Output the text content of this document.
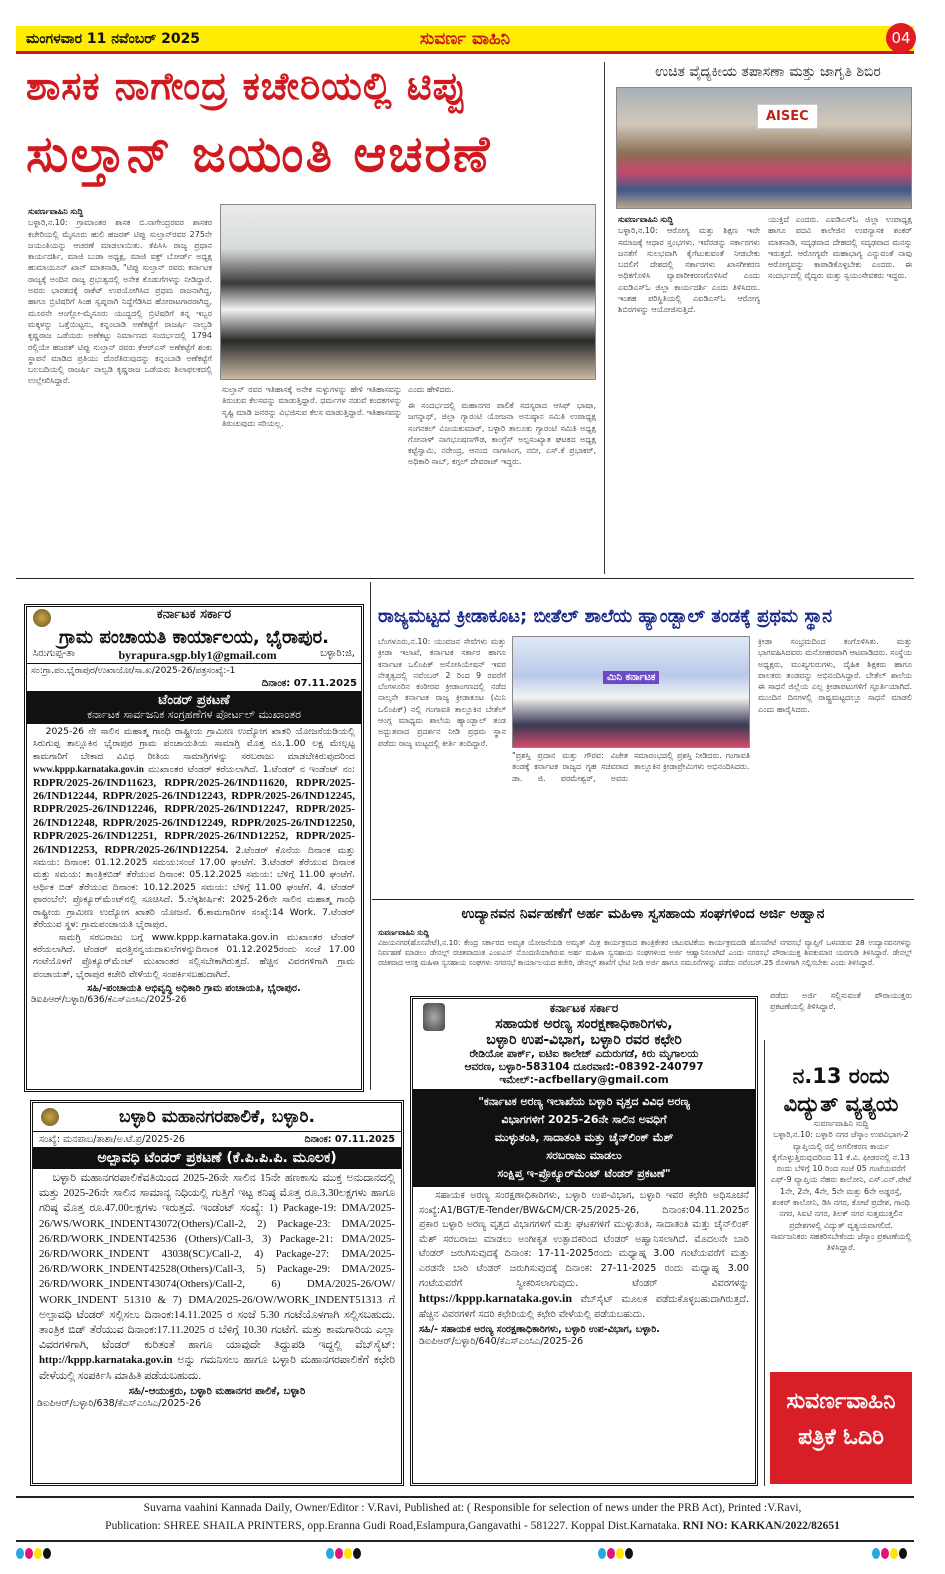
ಮಂಗಳವಾರ 11 ನವೆಂಬರ್ 2025	ಸುವರ್ಣ ವಾಹಿನಿ	04
ಶಾಸಕ ನಾಗೇಂದ್ರ ಕಚೇರಿಯಲ್ಲಿ ಟಿಪ್ಪು
ಸುಲ್ತಾನ್ ಜಯಂತಿ ಆಚರಣೆ
ಉಚಿತ ವೈದ್ಯಕೀಯ ತಪಾಸಣಾ ಮತ್ತು ಜಾಗೃತಿ ಶಿಬಿರ
AISEC
ಸುವರ್ಣವಾಹಿನಿ ಸುದ್ದಿ
ಬಳ್ಳಾರಿ,ನ.10: ಆರೋಗ್ಯ ಮತ್ತು ಶಿಕ್ಷಣ ಇವೇ ಸಮಾಜಕ್ಕೆ ಆಧಾರ ಸ್ತಂಭಗಳು. ಇವೆರಡನ್ನು ಸರ್ಕಾರಗಳು ಜನತೆಗೆ ಸುಲಭವಾಗಿ ಕೈಗೆಟುಕುವಂತೆ ನೀಡಬೇಕು ಬದಲಿಗೆ ದೇಶದಲ್ಲಿ ಸರ್ಕಾರಗಳು ಖಾಸಗೀಕರಣ ಅಧಿಕಗೊಳಿಸಿ ವ್ಯಾಪಾರೀಕರಣಗೊಳಿಸಿವೆ ಎಂದು ಎಐಡಿಎಸ್‌ಓ ಜಿಲ್ಲಾ ಕಾರ್ಯದರ್ಶಿ ಎಂದು ತಿಳಿಸಿದರು. ಇಂತಹ ಪರಿಸ್ಥಿತಿಯಲ್ಲಿ ಎಐಡಿಎಸ್‌ಓ ಆರೋಗ್ಯ ಶಿಬಿರಗಳನ್ನು ಆಯೋಜಿಸುತ್ತಿದೆ.
ಯುಕ್ತಿದೆ ಎಂದರು. ಎಐಡಿಎಸ್‌ಓ ಜಿಲ್ಲಾ ಉಪಾಧ್ಯಕ್ಷ ಹಾಗೂ ಪದವಿ ಕಾಲೇಜಿನ ಉಪನ್ಯಾಸಕ ಶಂಕರ್ ಮಾತನಾಡಿ, ಸದೃಢವಾದ ದೇಹದಲ್ಲಿ ಸದೃಢವಾದ ಮನಸ್ಸು ಇರುತ್ತದೆ. ಆರೋಗ್ಯವೇ ಮಹಾಭಾಗ್ಯ ಎನ್ನುವಂತೆ ನಾವು ಆರೋಗ್ಯವನ್ನು ಕಾಪಾಡಿಕೊಳ್ಳಬೇಕು ಎಂದರು. ಈ ಸಂದರ್ಭದಲ್ಲಿ ವೈದ್ಯರು ಮತ್ತು ಸ್ವಯಂಸೇವಕರು ಇದ್ದರು.
ಸುವರ್ಣವಾಹಿನಿ ಸುದ್ದಿ
ಬಳ್ಳಾರಿ,ನ.10: ಗ್ರಾಮಾಂತರ ಶಾಸಕ ಬಿ.ನಾಗೇಂದ್ರರವರ ಶಾಸಕರ ಕಚೇರಿಯಲ್ಲಿ ಮೈಸೂರು ಹುಲಿ ಹಜರತ್ ಟಿಪ್ಪು ಸುಲ್ತಾನ್‌ರವರ 275ನೇ ಜಯಂತಿಯನ್ನು ಆಚರಣೆ ಮಾಡಲಾಯಿತು. ಕೆಪಿಸಿಸಿ ರಾಜ್ಯ ಪ್ರಧಾನ ಕಾರ್ಯದರ್ಶಿ, ಮಾಜಿ ಬುಡಾ ಅಧ್ಯಕ್ಷ, ಮಾಜಿ ವಕ್ಫ್ ಬೋರ್ಡ್ ಅಧ್ಯಕ್ಷ ಹುಮಾಯೂನ್ ಖಾನ್ ಮಾತನಾಡಿ, "ಟಿಪ್ಪು ಸುಲ್ತಾನ್ ರವರು ಕರ್ನಾಟಕ ರಾಜ್ಯಕ್ಕೆ ಅಂದಿನ ರಾಜ್ಯ ಪ್ರಭುತ್ವದಲ್ಲಿ ಅನೇಕ ಕೊಡುಗೆಗಳನ್ನು ನೀಡಿದ್ದಾರೆ. ಅವರು ಭಾರತದಕ್ಕೆ ರಾಕೆಟ್ ಉಪಯೋಗಿಸಿದ ಪ್ರಥಮ ರಾಜನಾಗಿದ್ದ, ಹಾಗೂ ಬ್ರಿಟಿಷರಿಗೆ ಸಿಂಹ ಸ್ವಪ್ನರಾಗಿ ನಿದ್ದೆಗೆಡಿಸಿದ ಹೋರಾಟಗಾರರಾಗಿದ್ದ, ಮೂರನೇ ಆಂಗ್ಲೋ-ಮೈಸೂರು ಯುದ್ಧದಲ್ಲಿ ಬ್ರಿಟಿಷರಿಗೆ ತನ್ನ ಇಬ್ಬರ ಮಕ್ಕಳನ್ನು ಒತ್ತೆಯಿಟ್ಟನು, ಕನ್ನಂಬಾಡಿ ಅಣೆಕಟ್ಟೆಗೆ ರಾಜರ್ಷಿ ನಾಲ್ವಡಿ ಕೃಷ್ಣರಾಜ ಒಡೆಯರು ಅಣೆಕಟ್ಟು ನಿರ್ಮಾಣದ ಸಂದರ್ಭದಲ್ಲಿ 1794 ರಲ್ಲಿಯೇ ಹಜರತ್ ಟಿಪ್ಪು ಸುಲ್ತಾನ್ ರವರು ಕೆಆರ್‌ಎಸ್ ಅಣೆಕಟ್ಟೆಗೆ ಶಂಕು ಸ್ಥಾಪನೆ ಮಾಡಿದ ಪ್ರತಿಯು ದೊರೆತಿರುವುದನ್ನು ಕನ್ನಂಬಾಡಿ ಅಣೆಕಟ್ಟೆಗೆ ಬಲಬದಿಯಲ್ಲಿ ರಾಜರ್ಷಿ ನಾಲ್ವಡಿ ಕೃಷ್ಣರಾಜ ಒಡೆಯರು ಶಿಲಾಫಲಕದಲ್ಲಿ ಉಲ್ಲೇಖಿಸಿದ್ದಾರೆ.
ಸುಲ್ತಾನ್ ರವರ ಇತಿಹಾಸಕ್ಕೆ ಅನೇಕ ಸುಳ್ಳುಗಳನ್ನು ಹೇಳಿ ಇತಿಹಾಸವನ್ನು ತಿರುಚುವ ಕೆಲಸವನ್ನು ಮಾಡುತ್ತಿದ್ದಾರೆ. ಧರ್ಮಗಳ ನಡುವೆ ಕಂದಕಗಳನ್ನು ಸೃಷ್ಟಿ ಮಾಡಿ ಜನರನ್ನು ವಿಭಜಿಸುವ ಕೆಲಸ ಮಾಡುತ್ತಿದ್ದಾರೆ. ಇತಿಹಾಸವನ್ನು ತಿರುಚುವುದು ಸರಿಯಲ್ಲ.
ಎಂದು ಹೇಳಿದರು.
ಈ ಸಂದರ್ಭದಲ್ಲಿ ಮಹಾನಗರ ಪಾಲಿಕೆ ಸದಸ್ಯರಾದ ಆಸಿಫ್ ಭಾಷಾ, ಜಗನ್ನಾಥ್, ಜಿಲ್ಲಾ ಗ್ಯಾರಂಟಿ ಯೋಜನಾ ಅನುಷ್ಠಾನ ಸಮಿತಿ ಉಪಾಧ್ಯಕ್ಷ ಸಂಗನಕಲ್ ವಿಜಯಕುಮಾರ್, ಬಳ್ಳಾರಿ ತಾಲೂಕು ಗ್ಯಾರಂಟಿ ಸಮಿತಿ ಅಧ್ಯಕ್ಷ ಗೋನಾಳ್ ನಾಗಭೂಷಣಗೌಡ, ಕಾಂಗ್ರೆಸ್ ಅಲ್ಪಸಂಖ್ಯಾತ ಘಟಕದ ಅಧ್ಯಕ್ಷ ಕಟ್ಟೆಸ್ವಾಮಿ, ನರೇಂದ್ರ, ಆನಂದ ನಾಗಾಸಿಂಗ, ನಬೀ, ಎಸ್.ಕೆ ಪ್ರಭಾಕರ್, ಅಧಿಕಾರಿ ಸಾಬ್, ಕಗ್ಗಲ್ ದೇವರಾಜ್ ಇದ್ದರು.
ಕರ್ನಾಟಕ ಸರ್ಕಾರ
ಗ್ರಾಮ ಪಂಚಾಯತಿ ಕಾರ್ಯಾಲಯ, ಭೈರಾಪುರ.
ಸಿರುಗುಪ್ಪ-ತಾ	byrapura.sgp.bly1@gmail.com	ಬಳ್ಳಾರಿ:ಜಿ,
ಸಂ:ಗ್ರಾ.ಪಂ.ಭೈರಾಪುರ/ಉಖಾಯೋ/ಸಾ.ಖ/2025-26/ಪತ್ರಸಂಖ್ಯೆ:-1
ದಿನಾಂಕ: 07.11.2025
ಟೆಂಡರ್ ಪ್ರಕಟಣೆ
ಕರ್ನಾಟಕ ಸಾರ್ವಜನಿಕ ಸಂಗ್ರಹಣೆಗಳ ಪೋರ್ಟಲ್ ಮುಖಾಂತರ
2025-26 ನೇ ಸಾಲಿನ ಮಹಾತ್ಮ ಗಾಂಧಿ ರಾಷ್ಟ್ರೀಯ ಗ್ರಾಮೀಣ ಉದ್ಯೋಗ ಖಾತರಿ ಯೋಜನೆಯಡಿಯಲ್ಲಿ ಸಿರುಗುಪ್ಪ ತಾಲ್ಲೂಕಿನ ಭೈರಾಪುರ ಗ್ರಾಮ ಪಂಚಾಯತಿಯ ಸಾಮಾಗ್ರಿ ಮೊತ್ತ ರೂ.1.00 ಲಕ್ಷ ಮೇಲ್ಪಟ್ಟ ಕಾಮಗಾರಿಗೆ ಬೇಕಾದ ವಿವಿಧ ರೀತಿಯ ಸಾಮಾಗ್ರಿಗಳನ್ನು ಸರಬರಾಜು ಮಾಡಬೇಕಿರುವುದರಿಂದ www.kppp.karnataka.gov.in ಮುಖಾಂತರ ಟೆಂಡರ್ ಕರೆಯಲಾಗಿದೆ. 1.ಟೆಂಡರ್ ನ ಇಂಡೆಂಟ್ ನಂ: RDPR/2025-26/IND11623, RDPR/2025-26/IND11620, RDPR/2025-26/IND12244, RDPR/2025-26/IND12243, RDPR/2025-26/IND12245, RDPR/2025-26/IND12246, RDPR/2025-26/IND12247, RDPR/2025-26/IND12248, RDPR/2025-26/IND12249, RDPR/2025-26/IND12250, RDPR/2025-26/IND12251, RDPR/2025-26/IND12252, RDPR/2025-26/IND12253, RDPR/2025-26/IND12254. 2.ಟೆಂಡರ್ ಕೊನೆಯ ದಿನಾಂಕ ಮತ್ತು ಸಮಯ: ದಿನಾಂಕ: 01.12.2025 ಸಮಯ:ಸಂಜೆ 17.00 ಘಂಟೆಗೆ. 3.ಟೆಂಡರ್ ತೆರೆಯುವ ದಿನಾಂಕ ಮತ್ತು ಸಮಯ: ತಾಂತ್ರಿಕಬಿಡ್ ತೆರೆಯುವ ದಿನಾಂಕ: 05.12.2025 ಸಮಯ: ಬೆಳಿಗ್ಗೆ 11.00 ಘಂಟೆಗೆ. ಆರ್ಥಿಕ ಬಿಡ್ ತೆರೆಯುವ ದಿನಾಂಕ: 10.12.2025 ಸಮಯ: ಬೆಳಿಗ್ಗೆ 11.00 ಘಂಟೆಗೆ. 4. ಟೆಂಡರ್ ಫಾರಂಬೆಲೆ: ಪ್ರೊಕ್ಯೂರ್‌ಮೆಂಟ್‌ನಲ್ಲಿ ಸೂಚಿಸಿದೆ. 5.ಲೆಕ್ಕಶೀರ್ಷಿಕೆ: 2025-26ನೇ ಸಾಲಿನ ಮಹಾತ್ಮ ಗಾಂಧಿ ರಾಷ್ಟ್ರೀಯ ಗ್ರಾಮೀಣ ಉದ್ಯೋಗ ಖಾತರಿ ಯೋಜನೆ. 6.ಕಾಮಗಾರಿಗಳ ಸಂಖ್ಯೆ:14 Work. 7.ಟೆಂಡರ್ ತೆರೆಯುವ ಸ್ಥಳ: ಗ್ರಾಮಪಂಚಾಯತಿ ಭೈರಾಪುರ.
ಸಾಮಗ್ರಿ ಸರಬರಾಜು ಬಗ್ಗೆ www.kppp.karnataka.gov.in ಮುಖಾಂತರ ಟೆಂಡರ್ ಕರೆಯಲಾಗಿದೆ. ಟೆಂಡರ್ ಷರತ್ತಿನನ್ವಯದಾಖಲೆಗಳನ್ನುದಿನಾಂಕ 01.12.2025ರಂದು ಸಂಜೆ 17.00 ಗಂಟೆಯೊಳಗೆ ಪ್ರೊಕ್ಯೂರ್‌ಮೆಂಟ್ ಮುಖಾಂತರ ಸಲ್ಲಿಸಬೇಕಾಗಿರುತ್ತದೆ. ಹೆಚ್ಚಿನ ವಿವರಗಳಿಗಾಗಿ ಗ್ರಾಮ ಪಂಚಾಯತ್, ಭೈರಾಪುರ ಕಚೇರಿ ವೇಳೆಯಲ್ಲಿ ಸಂಪರ್ಕಿಸಬಹುದಾಗಿದೆ.
ಸಹಿ/-ಪಂಚಾಯತಿ ಅಭಿವೃದ್ಧಿ ಅಧಿಕಾರಿ ಗ್ರಾಮ ಪಂಚಾಯತಿ, ಭೈರಾಪುರ.
ಡಿಐಪಿಆರ್/ಬಳ್ಳಾರಿ/636/ಕೆಎಸ್‌ಎಂಸಿಎ/2025-26
ರಾಜ್ಯಮಟ್ಟದ ಕ್ರೀಡಾಕೂಟ; ಬೀತೆಲ್ ಶಾಲೆಯ ಹ್ಯಾಂಡ್ಬಾಲ್ ತಂಡಕ್ಕೆ ಪ್ರಥಮ ಸ್ಥಾನ
ಬೆಂಗಳೂರು,ನ.10: ಯುವಜನ ಸೇವೆಗಳು ಮತ್ತು ಕ್ರೀಡಾ ಇಲಾಖೆ, ಕರ್ನಾಟಕ ಸರ್ಕಾರ ಹಾಗೂ ಕರ್ನಾಟಕ ಒಲಿಂಪಿಕ್ ಅಸೋಸಿಯೇಷನ್ ಇವರ ನೇತೃತ್ವದಲ್ಲಿ ನವೆಂಬರ್ 2 ರಿಂದ 9 ರವರೆಗೆ ಬೆಂಗಳೂರಿನ ಕಂಠೀರವ ಕ್ರೀಡಾಂಗಣದಲ್ಲಿ ನಡೆದ ನಾಲ್ಕನೇ ಕರ್ನಾಟಕ ರಾಜ್ಯ ಕ್ರೀಡಾಕೂಟ (ಮಿನಿ ಒಲಿಂಪಿಕ್) ನಲ್ಲಿ ಗಂಗಾವತಿ ತಾಲ್ಲೂಕಿನ ಬೇತೆಲ್ ಆಂಗ್ಲ ಮಾಧ್ಯಮ ಶಾಲೆಯ ಹ್ಯಾಂಡ್ಬಾಲ್ ತಂಡ ಅಧ್ಬುತವಾದ ಪ್ರದರ್ಶನ ನೀಡಿ ಪ್ರಥಮ ಸ್ಥಾನ ಪಡೆದು ರಾಜ್ಯ ಮಟ್ಟದಲ್ಲಿ ಕೀರ್ತಿ ತಂದಿದ್ದಾರೆ.
ಮಿನಿ ಕರ್ನಾಟಕ
"ಪ್ರಶಸ್ತಿ ಪ್ರದಾನ ಮತ್ತು ಗೌರವ: ವಿಜೇತ ತಂಡಕ್ಕೆ ಕರ್ನಾಟಕ ರಾಜ್ಯದ ಗೃಹ ಸಚಿವರಾದ ಡಾ. ಜಿ. ಪರಮೇಶ್ವರ್, ಅವರು ಸಮಾರಂಭದಲ್ಲಿ ಪ್ರಶಸ್ತಿ ನೀಡಿದರು. ಗಂಗಾವತಿ ತಾಲ್ಲೂಕಿನ ಕ್ರೀಡಾಪ್ರೇಮಿಗಳು ಅಭಿನಂದಿಸಿದರು.
ಕ್ರೀಡಾ ಸಂಭ್ರಮದಿಂದ ಕಂಗೊಳಿಸಿತು. ಮತ್ತು ಭಾಗವಹಿಸಿದವರು ಮನೋಹರವಾಗಿ ಆಟವಾಡಿದರು. ಸಂಸ್ಥೆಯ ಅಧ್ಯಕ್ಷರು, ಮುಖ್ಯಗುರುಗಳು, ದೈಹಿಕ ಶಿಕ್ಷಕರು ಹಾಗೂ ಪಾಲಕರು ತಂಡವನ್ನು ಅಭಿನಂದಿಸಿದ್ದಾರೆ. ಬೇತೆಲ್ ಶಾಲೆಯ ಈ ಸಾಧನೆ ಜಿಲ್ಲೆಯ ಎಲ್ಲ ಕ್ರೀಡಾಪಟುಗಳಿಗೆ ಸ್ಫೂರ್ತಿಯಾಗಿದೆ. ಮುಂದಿನ ದಿನಗಳಲ್ಲಿ ರಾಷ್ಟ್ರಮಟ್ಟದಲ್ಲೂ ಸಾಧನೆ ಮಾಡಲಿ ಎಂದು ಹಾರೈಸಿದರು.
ಉದ್ಯಾನವನ ನಿರ್ವಹಣೆಗೆ ಅರ್ಹ ಮಹಿಳಾ ಸ್ವಸಹಾಯ ಸಂಘಗಳಿಂದ ಅರ್ಜಿ ಅಹ್ವಾನ
ಸುವರ್ಣವಾಹಿನಿ ಸುದ್ದಿ
ವಿಜಯನಗರ(ಹೊಸಪೇಟೆ),ನ.10: ಕೇಂದ್ರ ಸರ್ಕಾರದ ಅಮೃತ ಯೋಜನೆಯಡಿ ಅಮೃತ್ ಮಿತ್ರ ಕಾರ್ಯಕ್ರಮದ ತಾಂತ್ರಿಕೇತರ ಚಟುವಟಿಕೆಯ ಕಾರ್ಯಕ್ರಮದಡಿ ಹೊಸಪೇಟೆ ನಗರಸಭೆ ವ್ಯಾಪ್ತಿಗೆ ಒಳಪಡುವ 28 ಉದ್ಯಾನವನಗಳನ್ನು ನಿರ್ವಹಣೆ ಮಾಡಲು ಡೇನಲ್ಲ್ ರಚಿತವಾದಂತ ಎಂಐಎಸ್ ನೊಂದಣಿಯಾಗಿರುವ ಅರ್ಹ ಮಹಿಳಾ ಸ್ವಸಹಾಯ ಸಂಘಗಳಿಂದ ಅರ್ಜಿ ಆಹ್ವಾನಿಸಲಾಗಿದೆ ಎಂದು ನಗರಸಭೆ ಪೌರಾಯುಕ್ತ ಶಿವಕುಮಾರ ಯರಗುಡಿ ತಿಳಿಸಿದ್ದಾರೆ. ಡೇನಲ್ಲ್ ರಚಿತವಾದ ಆಸಕ್ತ ಮಹಿಳಾ ಸ್ವಸಹಾಯ ಸಂಘಗಳು ನಗರಸಭೆ ಕಾರ್ಯಾಲಯದ ಕಚೇರಿ, ಡೇನಲ್ಲ್ ಶಾಖೆಗೆ ಭೇಟಿ ನೀಡಿ ಅರ್ಜಿ ಹಾಗೂ ನಮೂನೆಗಳನ್ನು ಪಡೆದು ನವೆಂಬರ್.25 ರೊಳಗಾಗಿ ಸಲ್ಲಿಸಬೇಕು ಎಂದು ತಿಳಿಸಿದ್ದಾರೆ.
ಪಡೆದು ಅರ್ಜಿ ಸಲ್ಲಿಸುವಂತೆ ಪೌರಾಯುಕ್ತರು ಪ್ರಕಟಣೆಯಲ್ಲಿ ತಿಳಿಸಿದ್ದಾರೆ.
ಬಳ್ಳಾರಿ ಮಹಾನಗರಪಾಲಿಕೆ, ಬಳ್ಳಾರಿ.
ಸಂಖ್ಯೆ: ಮನಪಾಬ/ತಾಶಾ/ಅ.ಟೆ.ಪ್ರ/2025-26	ದಿನಾಂಕ: 07.11.2025
ಅಲ್ಪಾವಧಿ ಟೆಂಡರ್ ಪ್ರಕಟಣೆ (ಕೆ.ಪಿ.ಪಿ.ಪಿ. ಮೂಲಕ)
ಬಳ್ಳಾರಿ ಮಹಾನಗರಪಾಲಿಕೆವತಿಯಿಂದ 2025-26ನೇ ಸಾಲಿನ 15ನೇ ಹಣಕಾಸು ಮುಕ್ತ ಅನುದಾನದಲ್ಲಿ ಮತ್ತು 2025-26ನೇ ಸಾಲಿನ ಸಾಮಾನ್ಯ ನಿಧಿಯಲ್ಲಿ ಗುತ್ತಿಗೆ ಇಟ್ಟ ಕನಿಷ್ಠ ಮೊತ್ತ ರೂ.3.30ಲಕ್ಷಗಳು ಹಾಗೂ ಗರಿಷ್ಠ ಮೊತ್ತ ರೂ.47.00ಲಕ್ಷಗಳು ಇರುತ್ತದೆ. ಇಂಡೆಂಟ್ ಸಂಖ್ಯೆ: 1) Package-19: DMA/2025-26/WS/WORK_INDENT43072(Others)/Call-2, 2) Package-23: DMA/2025-26/RD/WORK_INDENT42536 (Others)/Call-3, 3) Package-21: DMA/2025-26/RD/WORK_INDENT 43038(SC)/Call-2, 4) Package-27: DMA/2025-26/RD/WORK_INDENT42528(Others)/Call-3, 5) Package-29: DMA/2025-26/RD/WORK_INDENT43074(Others)/Call-2, 6) DMA/2025-26/OW/ WORK_INDENT 51310 & 7) DMA/2025-26/OW/WORK_INDENT51313 ಗೆ ಅಲ್ಪಾವಧಿ ಟೆಂಡರ್ ಸಲ್ಲಿಸಲು ದಿನಾಂಕ:14.11.2025 ರ ಸಂಜೆ 5.30 ಗಂಟೆಯೊಳಗಾಗಿ ಸಲ್ಲಿಸಬಹುದು. ತಾಂತ್ರಿಕ ಬಿಡ್ ತೆರೆಯುವ ದಿನಾಂಕ:17.11.2025 ರ ಬೆಳಿಗ್ಗೆ 10.30 ಗಂಟೆಗೆ. ಮತ್ತು ಕಾಮಗಾರಿಯ ಎಲ್ಲಾ ವಿವರಗಳಿಗಾಗಿ, ಟೆಂಡರ್ ಕುರಿತಂತೆ ಹಾಗೂ ಯಾವುದೇ ತಿದ್ದುಪಡಿ ಇದ್ದಲ್ಲಿ ವೆಬ್‌ಸೈಟ್: http://kppp.karnataka.gov.in ಅನ್ನು ಗಮನಿಸಲು ಹಾಗೂ ಬಳ್ಳಾರಿ ಮಹಾನಗರಪಾಲಿಕೆಗೆ ಕಛೇರಿ ವೇಳೆಯಲ್ಲಿ ಸಂಪರ್ಕಿಸಿ ಮಾಹಿತಿ ಪಡೆಯಬಹುದು.
ಸಹಿ/-ಆಯುಕ್ತರು, ಬಳ್ಳಾರಿ ಮಹಾನಗರ ಪಾಲಿಕೆ, ಬಳ್ಳಾರಿ
ಡಿಐಪಿಆರ್/ಬಳ್ಳಾರಿ/638/ಕೆಎಸ್‌ಎಂಸಿಎ/2025-26
ಕರ್ನಾಟಕ ಸರ್ಕಾರ
ಸಹಾಯಕ ಅರಣ್ಯ ಸಂರಕ್ಷಣಾಧಿಕಾರಿಗಳು,
ಬಳ್ಳಾರಿ ಉಪ-ವಿಭಾಗ, ಬಳ್ಳಾರಿ ರವರ ಕಛೇರಿ
ರೇಡಿಯೋ ಪಾರ್ಕ್, ಐಟಿಐ ಕಾಲೇಜ್ ಎದುರುಗಡೆ, ಕಿರು ಮೃಗಾಲಯ
ಆವರಣ, ಬಳ್ಳಾರಿ-583104 ದೂರವಾಣಿ:-08392-240797
ಇಮೇಲ್:-acfbellary@gmail.com
"ಕರ್ನಾಟಕ ಅರಣ್ಯ ಇಲಾಖೆಯ ಬಳ್ಳಾರಿ ವೃತ್ತದ ವಿವಿಧ ಅರಣ್ಯ
ವಿಭಾಗಗಳಿಗೆ 2025-26ನೇ ಸಾಲಿನ ಅವಧಿಗೆ
ಮುಳ್ಳುತಂತಿ, ಸಾದಾತಂತಿ ಮತ್ತು ಚೈನ್‌ಲಿಂಕ್ ಮೆಶ್
ಸರಬರಾಜು ಮಾಡಲು
ಸಂಕ್ಷಿಪ್ತ ಇ-ಪ್ರೊಕ್ಯೂರ್‌ಮೆಂಟ್ ಟೆಂಡರ್ ಪ್ರಕಟಣೆ"
ಸಹಾಯಕ ಅರಣ್ಯ ಸಂರಕ್ಷಣಾಧಿಕಾರಿಗಳು, ಬಳ್ಳಾರಿ ಉಪ-ವಿಭಾಗ, ಬಳ್ಳಾರಿ ಇವರ ಕಛೇರಿ ಅಧಿಸೂಚನೆ ಸಂಖ್ಯೆ:A1/BGT/E-Tender/BW&CM/CR-25/2025-26, ದಿನಾಂಕ:04.11.2025ರ ಪ್ರಕಾರ ಬಳ್ಳಾರಿ ಅರಣ್ಯ ವೃತ್ತದ ವಿಭಾಗಗಳಿಗೆ ಮತ್ತು ಘಟಕಗಳಿಗೆ ಮುಳ್ಳುತಂತಿ, ಸಾದಾತಂತಿ ಮತ್ತು ಚೈನ್‌ಲಿಂಕ್ ಮೆಶ್ ಸರಬರಾಜು ಮಾಡಲು ಅಂಗೀಕೃತ ಉತ್ಪಾದಕರಿಂದ ಟೆಂಡರ್ ಅಹ್ವಾನಿಸಲಾಗಿದೆ. ಮೊದಲನೇ ಬಾರಿ ಟೆಂಡರ್ ಜರುಗಿಸುವುದಕ್ಕೆ ದಿನಾಂಕ: 17-11-2025ರಂದು ಮಧ್ಯಾಹ್ನ 3.00 ಗಂಟೆಯವರೆಗೆ ಮತ್ತು ಎರಡನೇ ಬಾರಿ ಟೆಂಡರ್ ಜರುಗಿಸುವುದಕ್ಕೆ ದಿನಾಂಕ: 27-11-2025 ರಂದು ಮಧ್ಯಾಹ್ನ 3.00 ಗಂಟೆಯವರೆಗೆ ಸ್ವೀಕರಿಸಲಾಗುವುದು. ಟೆಂಡರ್ ವಿವರಗಳನ್ನು https://kppp.karnataka.gov.in ವೆಬ್‌ಸೈಟ್ ಮೂಲಕ ಪಡೆದುಕೊಳ್ಳಬಹುದಾಗಿರುತ್ತದೆ. ಹೆಚ್ಚಿನ ವಿವರಗಳಿಗೆ ಸದರಿ ಕಛೇರಿಯಲ್ಲಿ ಕಛೇರಿ ವೇಳೆಯಲ್ಲಿ ಪಡೆಯಬಹುದು.
ಸಹಿ/- ಸಹಾಯಕ ಅರಣ್ಯ ಸಂರಕ್ಷಣಾಧಿಕಾರಿಗಳು, ಬಳ್ಳಾರಿ ಉಪ-ವಿಭಾಗ, ಬಳ್ಳಾರಿ.
ಡಿಐಪಿಆರ್/ಬಳ್ಳಾರಿ/640/ಕೆಎಸ್‌ಎಂಸಿಎ/2025-26
ನ.13 ರಂದು
ವಿದ್ಯುತ್ ವ್ಯತ್ಯಯ
ಸುವರ್ಣವಾಹಿನಿ ಸುದ್ದಿ
ಬಳ್ಳಾರಿ,ನ.10: ಬಳ್ಳಾರಿ ನಗರ ಜೆಸ್ಕಾಂ ಉಪವಿಭಾಗ-2 ವ್ಯಾಪ್ತಿಯಲ್ಲಿ ರಸ್ತೆ ಅಗಲೀಕರಣ ಕಾರ್ಯ ಕೈಗೊಳ್ಳುತ್ತಿರುವುದರಿಂದ 11 ಕೆ.ವಿ. ಫೀಡರನಲ್ಲಿ ನ.13 ರಂದು ಬೆಳಿಗ್ಗೆ 10 ರಿಂದ ಸಂಜೆ 05 ಗಂಟೆಯವರೆಗೆ ಎಫ್-9 ವ್ಯಾಪ್ತಿಯ ನೆಹರು ಕಾಲೋನಿ, ಎಸ್.ಎನ್.ಪೇಟೆ 1ನೇ, 2ನೇ, 4ನೇ, 5ನೇ ಮತ್ತು 6ನೇ ಅಡ್ಡರಸ್ತೆ, ಶಂಕರ್ ಕಾಲೋನಿ, ಡಿಸಿ ನಗರ, ಕೋಟೆ ಪ್ರದೇಶ, ಗಾಂಧಿ ನಗರ, ಸಿಐಟಿ ನಗರ, ತಿಲಕ್ ನಗರ ಸುತ್ತಮುತ್ತಲಿನ ಪ್ರದೇಶಗಳಲ್ಲಿ ವಿದ್ಯುತ್ ವ್ಯತ್ಯಯವಾಗಲಿದೆ. ಸಾರ್ವಜನಿಕರು ಸಹಕರಿಸಬೇಕೆಂದು ಜೆಸ್ಕಾಂ ಪ್ರಕಟಣೆಯಲ್ಲಿ ತಿಳಿಸಿದ್ದಾರೆ.
ಸುವರ್ಣವಾಹಿನಿ
ಪತ್ರಿಕೆ ಓದಿರಿ
Suvarna vaahini Kannada Daily, Owner/Editor : V.Ravi, Published at: ( Responsible for selection of news under the PRB Act), Printed :V.Ravi,
Publication: SHREE SHAILA PRINTERS, opp.Eranna Gudi Road,Eslampura,Gangavathi - 581227. Koppal Dist.Karnataka. RNI NO: KARKAN/2022/82651
